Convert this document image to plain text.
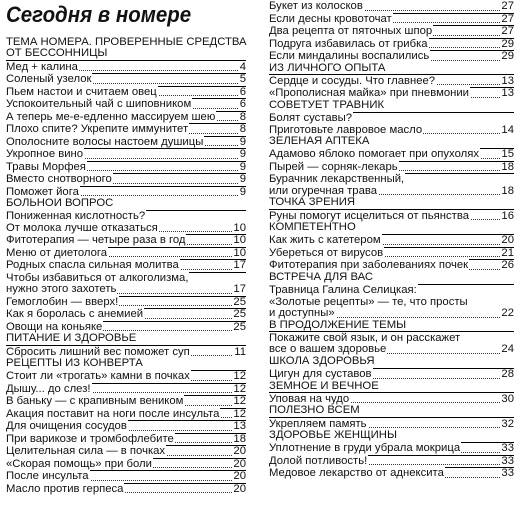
Сегодня в номере
ТЕМА НОМЕРА. ПРОВЕРЕННЫЕ СРЕДСТВА
ОТ БЕССОННИЦЫ
Мед + калина	4
Соленый узелок	5
Пьем настои и считаем овец	6
Успокоительный чай с шиповником	6
А теперь ме-е-едленно массируем шею 8
Плохо спите? Укрепите иммунитет	8
Ополосните волосы настоем душицы	9
Укропное вино	9
Травы Морфея	9
Вместо снотворного	9
Поможет йога	9
БОЛЬНОЙ ВОПРОС
Пониженная кислотность?
От молока лучше отказаться	10
Фитотерапия — четыре раза в год	10
Меню от диетолога	10
Родных спасла сильная молитва	17
Чтобы избавиться от алкоголизма,
нужно этого захотеть	17
Гемоглобин — вверх!	25
Как я боролась с анемией	25
Овощи на коньяке	25
ПИТАНИЕ И ЗДОРОВЬЕ
Сбросить лишний вес поможет суп	11
РЕЦЕПТЫ ИЗ КОНВЕРТА
Стоит ли «трогать» камни в почках	12
Дышу... до слез!	12
В баньку — с крапивным веником	12
Акация поставит на ноги после инсульта 12
Для очищения сосудов	13
При варикозе и тромбофлебите	18
Целительная сила — в почках	20
«Скорая помощь» при боли	20
После инсульта	20
Масло против герпеса	20
Букет из колосков	27
Если десны кровоточат	27
Два рецепта от пяточных шпор	27
Подруга избавилась от грибка	29
Если миндалины воспалились	29
ИЗ ЛИЧНОГО ОПЫТА
Сердце и сосуды. Что главнее?	13
«Прополисная майка» при пневмонии	13
СОВЕТУЕТ ТРАВНИК
Болят суставы?
Приготовьте лавровое масло	14
ЗЕЛЕНАЯ АПТЕКА
Адамово яблоко помогает при опухолях 15
Пырей — сорняк-лекарь	18
Бурачник лекарственный,
или огуречная трава	18
ТОЧКА ЗРЕНИЯ
Руны помогут исцелиться от пьянства	16
КОМПЕТЕНТНО
Как жить с катетером	20
Убереться от вирусов	21
Фитотерапия при заболеваниях почек	26
ВСТРЕЧА ДЛЯ ВАС
Травница Галина Селицкая:
«Золотые рецепты» — те, что просты
и доступны»	22
В ПРОДОЛЖЕНИЕ ТЕМЫ
Покажите свой язык, и он расскажет
все о вашем здоровье	24
ШКОЛА ЗДОРОВЬЯ
Цигун для суставов	28
ЗЕМНОЕ И ВЕЧНОЕ
Уповая на чудо	30
ПОЛЕЗНО ВСЕМ
Укрепляем память	32
ЗДОРОВЬЕ ЖЕНЩИНЫ
Уплотнение в груди убрала мокрица	33
Долой потливость!	33
Медовое лекарство от аднексита	33
